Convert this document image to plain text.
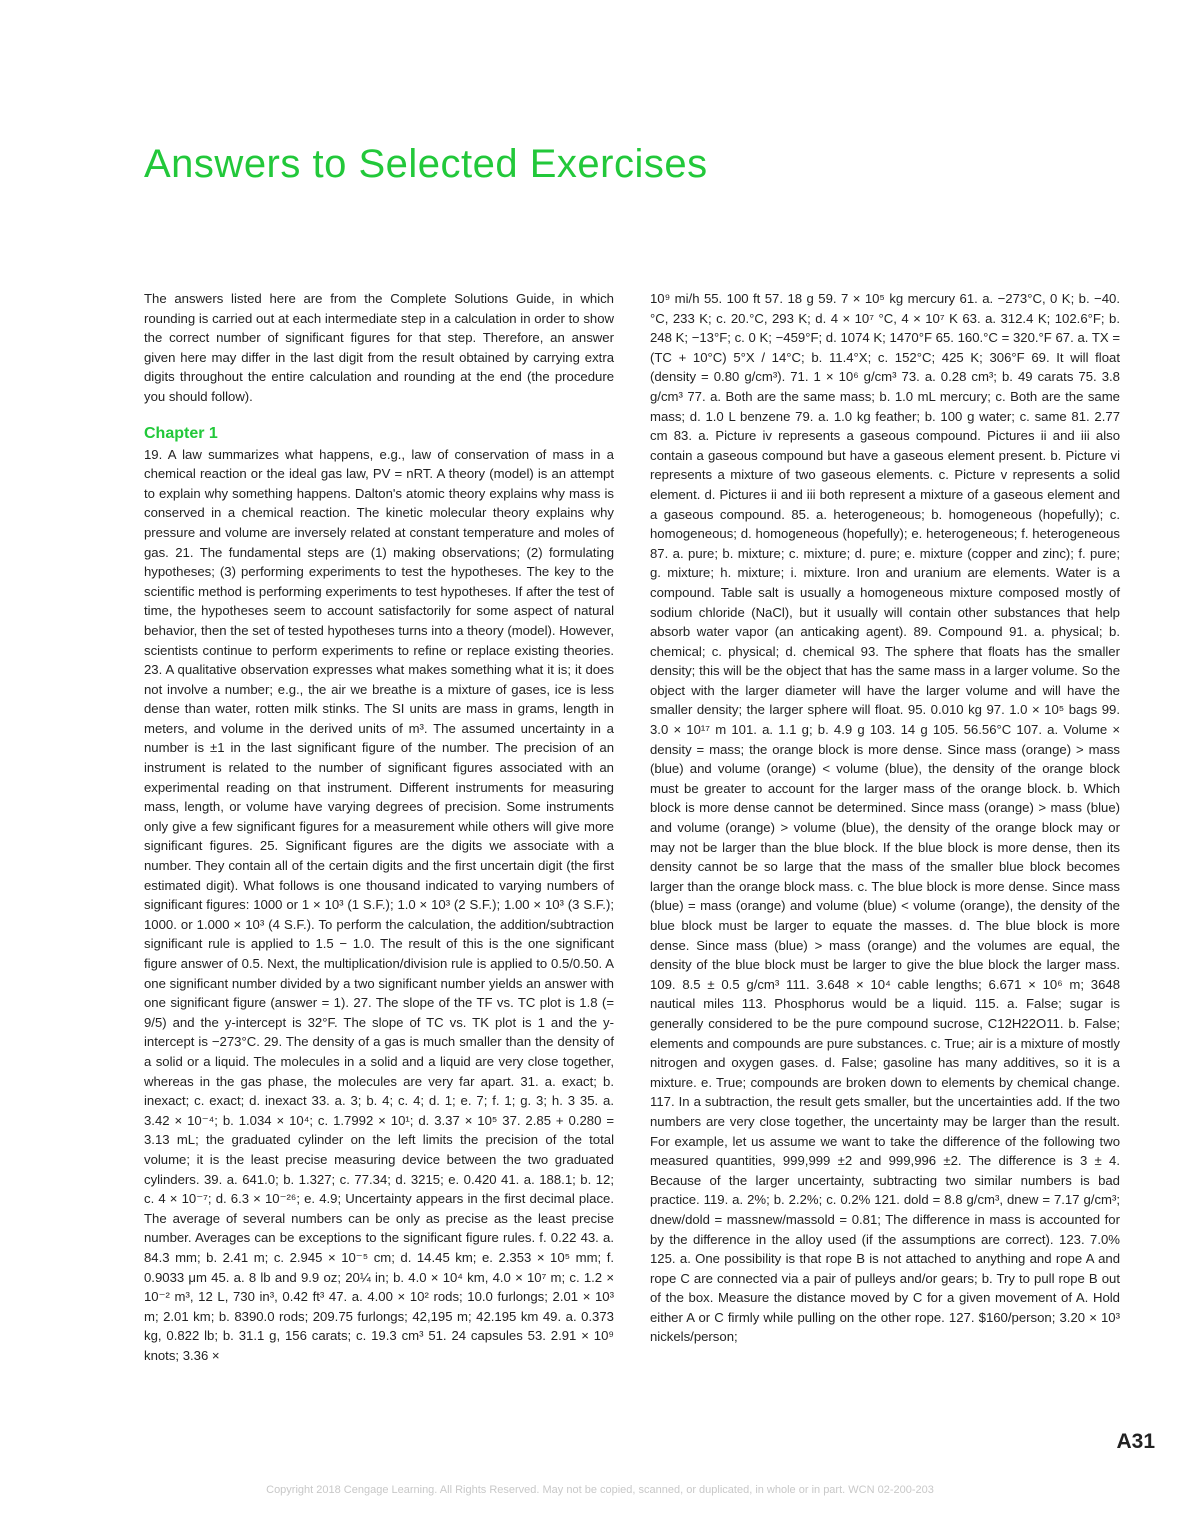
Answers to Selected Exercises

The answers listed here are from the Complete Solutions Guide, in which rounding is carried out at each intermediate step in a calculation in order to show the correct number of significant figures for that step. Therefore, an answer given here may differ in the last digit from the result obtained by carrying extra digits throughout the entire calculation and rounding at the end (the procedure you should follow).

Chapter 1

19. A law summarizes what happens, e.g., law of conservation of mass in a chemical reaction or the ideal gas law, PV = nRT. A theory (model) is an attempt to explain why something happens. Dalton's atomic theory explains why mass is conserved in a chemical reaction. The kinetic molecular theory explains why pressure and volume are inversely related at constant temperature and moles of gas. 21. The fundamental steps are (1) making observations; (2) formulating hypotheses; (3) performing experiments to test the hypotheses. The key to the scientific method is performing experiments to test hypotheses. If after the test of time, the hypotheses seem to account satisfactorily for some aspect of natural behavior, then the set of tested hypotheses turns into a theory (model). However, scientists continue to perform experiments to refine or replace existing theories. 23. A qualitative observation expresses what makes something what it is; it does not involve a number; e.g., the air we breathe is a mixture of gases, ice is less dense than water, rotten milk stinks. The SI units are mass in grams, length in meters, and volume in the derived units of m³. The assumed uncertainty in a number is ±1 in the last significant figure of the number. The precision of an instrument is related to the number of significant figures associated with an experimental reading on that instrument. Different instruments for measuring mass, length, or volume have varying degrees of precision. Some instruments only give a few significant figures for a measurement while others will give more significant figures. 25. Significant figures are the digits we associate with a number. They contain all of the certain digits and the first uncertain digit (the first estimated digit). What follows is one thousand indicated to varying numbers of significant figures: 1000 or 1 × 10³ (1 S.F.); 1.0 × 10³ (2 S.F.); 1.00 × 10³ (3 S.F.); 1000. or 1.000 × 10³ (4 S.F.). To perform the calculation, the addition/subtraction significant rule is applied to 1.5 − 1.0. The result of this is the one significant figure answer of 0.5. Next, the multiplication/division rule is applied to 0.5/0.50. A one significant number divided by a two significant number yields an answer with one significant figure (answer = 1). 27. The slope of the TF vs. TC plot is 1.8 (= 9/5) and the y-intercept is 32°F. The slope of TC vs. TK plot is 1 and the y-intercept is −273°C. 29. The density of a gas is much smaller than the density of a solid or a liquid. The molecules in a solid and a liquid are very close together, whereas in the gas phase, the molecules are very far apart. 31. a. exact; b. inexact; c. exact; d. inexact 33. a. 3; b. 4; c. 4; d. 1; e. 7; f. 1; g. 3; h. 3 35. a. 3.42 × 10⁻⁴; b. 1.034 × 10⁴; c. 1.7992 × 10¹; d. 3.37 × 10⁵ 37. 2.85 + 0.280 = 3.13 mL; the graduated cylinder on the left limits the precision of the total volume; it is the least precise measuring device between the two graduated cylinders. 39. a. 641.0; b. 1.327; c. 77.34; d. 3215; e. 0.420 41. a. 188.1; b. 12; c. 4 × 10⁻⁷; d. 6.3 × 10⁻²⁶; e. 4.9; Uncertainty appears in the first decimal place. The average of several numbers can be only as precise as the least precise number. Averages can be exceptions to the significant figure rules. f. 0.22 43. a. 84.3 mm; b. 2.41 m; c. 2.945 × 10⁻⁵ cm; d. 14.45 km; e. 2.353 × 10⁵ mm; f. 0.9033 μm 45. a. 8 lb and 9.9 oz; 20¼ in; b. 4.0 × 10⁴ km, 4.0 × 10⁷ m; c. 1.2 × 10⁻² m³, 12 L, 730 in³, 0.42 ft³ 47. a. 4.00 × 10² rods; 10.0 furlongs; 2.01 × 10³ m; 2.01 km; b. 8390.0 rods; 209.75 furlongs; 42,195 m; 42.195 km 49. a. 0.373 kg, 0.822 lb; b. 31.1 g, 156 carats; c. 19.3 cm³ 51. 24 capsules 53. 2.91 × 10⁹ knots; 3.36 ×

10⁹ mi/h 55. 100 ft 57. 18 g 59. 7 × 10⁵ kg mercury 61. a. −273°C, 0 K; b. −40.°C, 233 K; c. 20.°C, 293 K; d. 4 × 10⁷ °C, 4 × 10⁷ K 63. a. 312.4 K; 102.6°F; b. 248 K; −13°F; c. 0 K; −459°F; d. 1074 K; 1470°F 65. 160.°C = 320.°F 67. a. TX = (TC + 10°C) 5°X / 14°C; b. 11.4°X; c. 152°C; 425 K; 306°F 69. It will float (density = 0.80 g/cm³). 71. 1 × 10⁶ g/cm³ 73. a. 0.28 cm³; b. 49 carats 75. 3.8 g/cm³ 77. a. Both are the same mass; b. 1.0 mL mercury; c. Both are the same mass; d. 1.0 L benzene 79. a. 1.0 kg feather; b. 100 g water; c. same 81. 2.77 cm 83. a. Picture iv represents a gaseous compound. Pictures ii and iii also contain a gaseous compound but have a gaseous element present. b. Picture vi represents a mixture of two gaseous elements. c. Picture v represents a solid element. d. Pictures ii and iii both represent a mixture of a gaseous element and a gaseous compound. 85. a. heterogeneous; b. homogeneous (hopefully); c. homogeneous; d. homogeneous (hopefully); e. heterogeneous; f. heterogeneous 87. a. pure; b. mixture; c. mixture; d. pure; e. mixture (copper and zinc); f. pure; g. mixture; h. mixture; i. mixture. Iron and uranium are elements. Water is a compound. Table salt is usually a homogeneous mixture composed mostly of sodium chloride (NaCl), but it usually will contain other substances that help absorb water vapor (an anticaking agent). 89. Compound 91. a. physical; b. chemical; c. physical; d. chemical 93. The sphere that floats has the smaller density; this will be the object that has the same mass in a larger volume. So the object with the larger diameter will have the larger volume and will have the smaller density; the larger sphere will float. 95. 0.010 kg 97. 1.0 × 10⁵ bags 99. 3.0 × 10¹⁷ m 101. a. 1.1 g; b. 4.9 g 103. 14 g 105. 56.56°C 107. a. Volume × density = mass; the orange block is more dense. Since mass (orange) > mass (blue) and volume (orange) < volume (blue), the density of the orange block must be greater to account for the larger mass of the orange block. b. Which block is more dense cannot be determined. Since mass (orange) > mass (blue) and volume (orange) > volume (blue), the density of the orange block may or may not be larger than the blue block. If the blue block is more dense, then its density cannot be so large that the mass of the smaller blue block becomes larger than the orange block mass. c. The blue block is more dense. Since mass (blue) = mass (orange) and volume (blue) < volume (orange), the density of the blue block must be larger to equate the masses. d. The blue block is more dense. Since mass (blue) > mass (orange) and the volumes are equal, the density of the blue block must be larger to give the blue block the larger mass. 109. 8.5 ± 0.5 g/cm³ 111. 3.648 × 10⁴ cable lengths; 6.671 × 10⁶ m; 3648 nautical miles 113. Phosphorus would be a liquid. 115. a. False; sugar is generally considered to be the pure compound sucrose, C12H22O11. b. False; elements and compounds are pure substances. c. True; air is a mixture of mostly nitrogen and oxygen gases. d. False; gasoline has many additives, so it is a mixture. e. True; compounds are broken down to elements by chemical change. 117. In a subtraction, the result gets smaller, but the uncertainties add. If the two numbers are very close together, the uncertainty may be larger than the result. For example, let us assume we want to take the difference of the following two measured quantities, 999,999 ±2 and 999,996 ±2. The difference is 3 ± 4. Because of the larger uncertainty, subtracting two similar numbers is bad practice. 119. a. 2%; b. 2.2%; c. 0.2% 121. dold = 8.8 g/cm³, dnew = 7.17 g/cm³; dnew/dold = massnew/massold = 0.81; The difference in mass is accounted for by the difference in the alloy used (if the assumptions are correct). 123. 7.0% 125. a. One possibility is that rope B is not attached to anything and rope A and rope C are connected via a pair of pulleys and/or gears; b. Try to pull rope B out of the box. Measure the distance moved by C for a given movement of A. Hold either A or C firmly while pulling on the other rope. 127. $160/person; 3.20 × 10³ nickels/person;

A31
Copyright 2018 Cengage Learning. All Rights Reserved. May not be copied, scanned, or duplicated, in whole or in part. WCN 02-200-203
